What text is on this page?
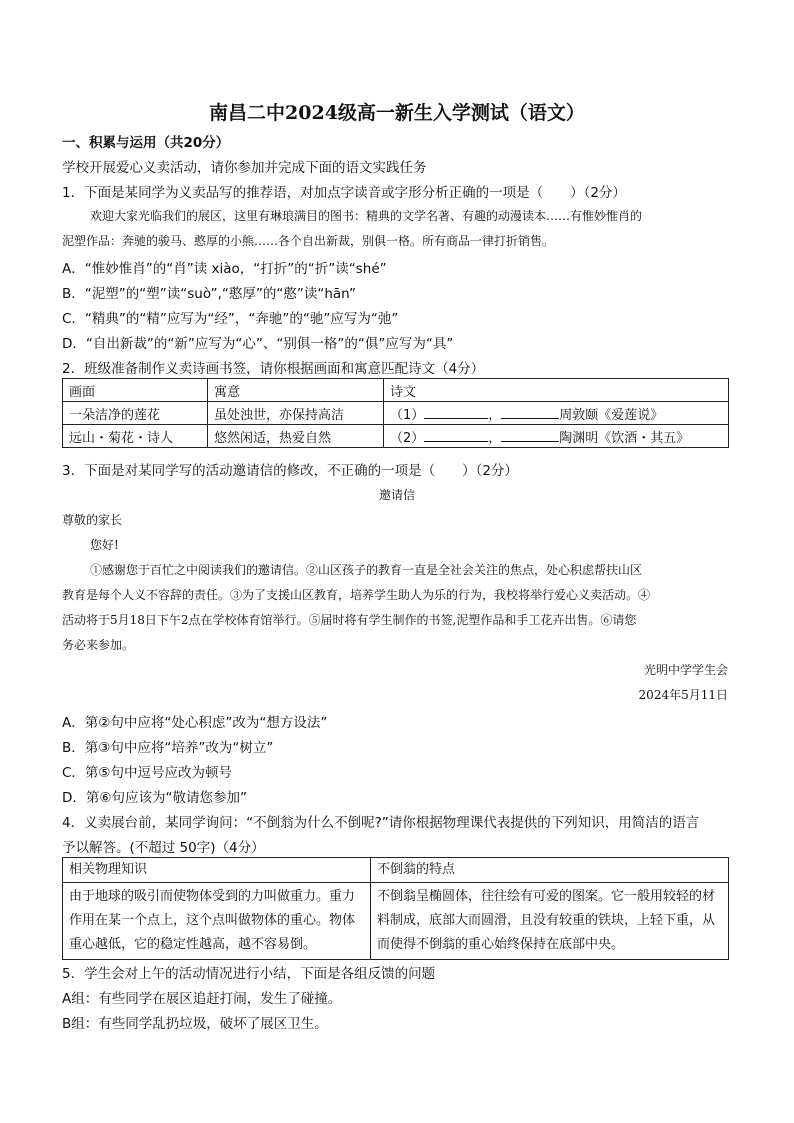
南昌二中2024级高一新生入学测试（语文）
一、积累与运用（共20分）
学校开展爱心义卖活动，请你参加并完成下面的语文实践任务
1．下面是某同学为义卖品写的推荐语，对加点字读音或字形分析正确的一项是（　　）（2分）
欢迎大家光临我们的展区，这里有琳琅满目的图书：精典的文学名著、有趣的动漫读本……有惟妙惟肖的
泥塑作品：奔驰的骏马、憨厚的小熊……各个自出新裁，别俱一格。所有商品一律打折销售。
A．“惟妙惟肖”的“肖”读 xiào，“打折”的“折”读“shé”
B．“泥塑”的“塑”读“suò”,“憨厚”的“憨”读“hān”
C．“精典”的“精”应写为“经”，“奔驰”的“驰”应写为“弛”
D．“自出新裁”的“新”应写为“心”、“别俱一格”的“俱”应写为“具”
2．班级准备制作义卖诗画书签，请你根据画面和寓意匹配诗文（4分）
画面	寓意	诗文
一朵洁净的莲花	虽处浊世，亦保持高洁	（1） ， 周敦颐《爱莲说》
远山・菊花・诗人	悠然闲适，热爱自然	（2） ， 陶渊明《饮酒・其五》
3．下面是对某同学写的活动邀请信的修改，不正确的一项是（　　）（2分）
邀请信
尊敬的家长
您好!
①感谢您于百忙之中阅读我们的邀请信。②山区孩子的教育一直是全社会关注的焦点，处心积虑帮扶山区
教育是每个人义不容辞的责任。③为了支援山区教育，培养学生助人为乐的行为，我校将举行爱心义卖活动。④
活动将于5月18日下午2点在学校体育馆举行。⑤届时将有学生制作的书签,泥塑作品和手工花卉出售。⑥请您
务必来参加。
光明中学学生会
2024年5月11日
A．第②句中应将“处心积虑”改为“想方设法”
B．第③句中应将“培养”改为“树立”
C．第⑤句中逗号应改为顿号
D．第⑥句应该为“敬请您参加”
4．义卖展台前，某同学询问：“不倒翁为什么不倒呢?”请你根据物理课代表提供的下列知识，用简洁的语言
予以解答。(不超过 50字)（4分）
相关物理知识	不倒翁的特点
由于地球的吸引而使物体受到的力叫做重力。重力作用在某一个点上，这个点叫做物体的重心。物体重心越低，它的稳定性越高，越不容易倒。	不倒翁呈椭圆体，往往绘有可爱的图案。它一般用较轻的材料制成，底部大而圆滑，且没有较重的铁块，上轻下重，从而使得不倒翁的重心始终保持在底部中央。
5．学生会对上午的活动情况进行小结，下面是各组反馈的问题
A组：有些同学在展区追赶打闹，发生了碰撞。
B组：有些同学乱扔垃圾，破坏了展区卫生。
